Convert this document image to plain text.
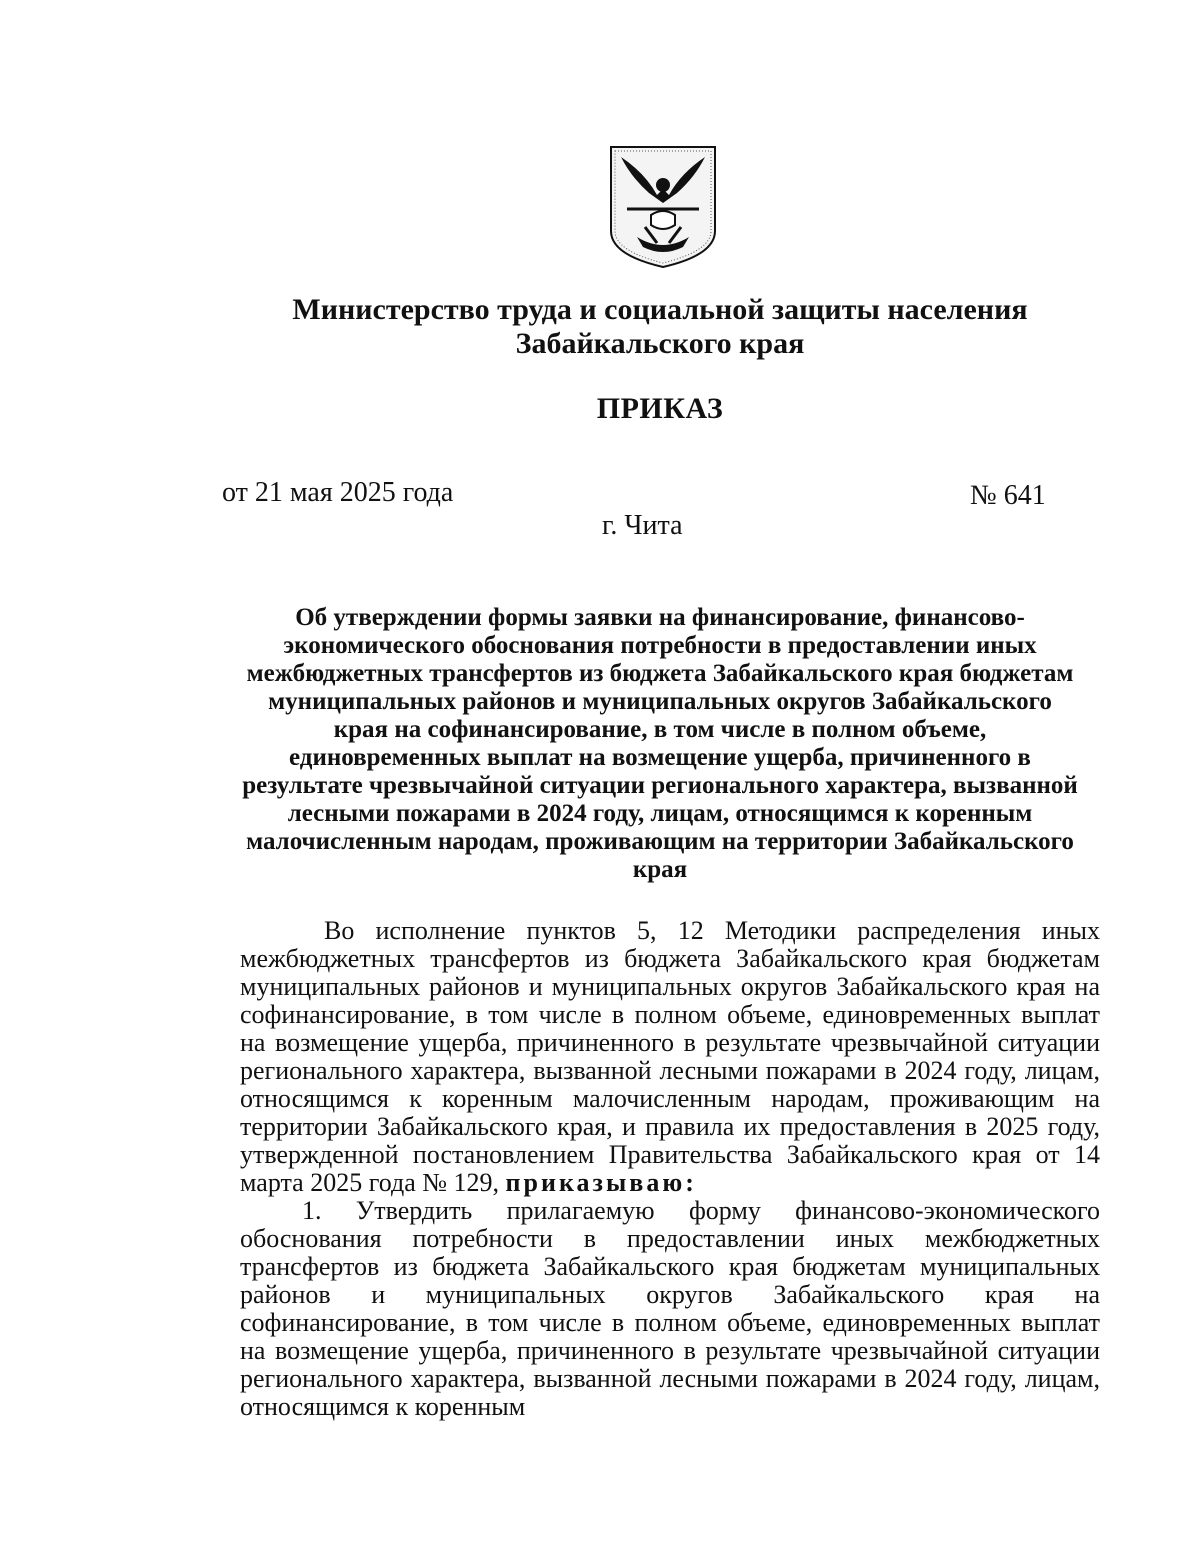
Министерство труда и социальной защиты населения
Забайкальского края
ПРИКАЗ
от 21 мая 2025 года	№ 641
г. Чита
Об утверждении формы заявки на финансирование, финансово-экономического обоснования потребности в предоставлении иных межбюджетных трансфертов из бюджета Забайкальского края бюджетам муниципальных районов и муниципальных округов Забайкальского края на софинансирование, в том числе в полном объеме, единовременных выплат на возмещение ущерба, причиненного в результате чрезвычайной ситуации регионального характера, вызванной лесными пожарами в 2024 году, лицам, относящимся к коренным малочисленным народам, проживающим на территории Забайкальского края

Во исполнение пунктов 5, 12 Методики распределения иных межбюджетных трансфертов из бюджета Забайкальского края бюджетам муниципальных районов и муниципальных округов Забайкальского края на софинансирование, в том числе в полном объеме, единовременных выплат на возмещение ущерба, причиненного в результате чрезвычайной ситуации регионального характера, вызванной лесными пожарами в 2024 году, лицам, относящимся к коренным малочисленным народам, проживающим на территории Забайкальского края, и правила их предоставления в 2025 году, утвержденной постановлением Правительства Забайкальского края от 14 марта 2025 года № 129, приказываю:

1. Утвердить прилагаемую форму финансово-экономического обоснования потребности в предоставлении иных межбюджетных трансфертов из бюджета Забайкальского края бюджетам муниципальных районов и муниципальных округов Забайкальского края на софинансирование, в том числе в полном объеме, единовременных выплат на возмещение ущерба, причиненного в результате чрезвычайной ситуации регионального характера, вызванной лесными пожарами в 2024 году, лицам, относящимся к коренным
